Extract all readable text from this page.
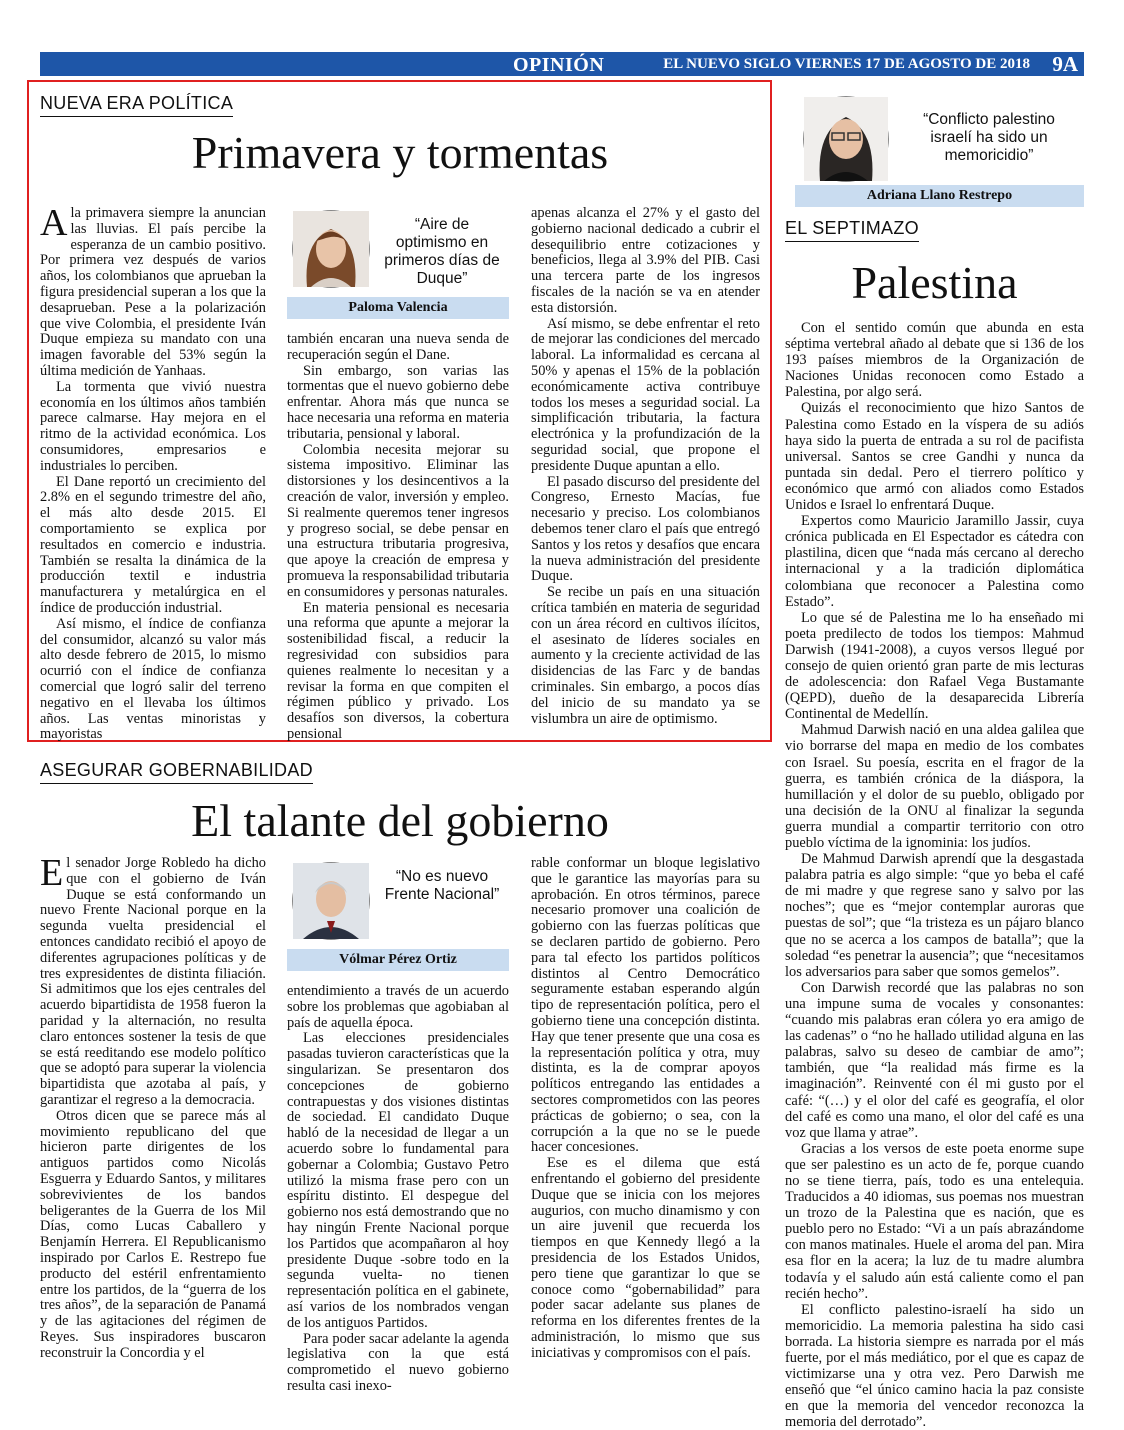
OPINIÓN	EL NUEVO SIGLO VIERNES 17 DE AGOSTO DE 2018 9A
NUEVA ERA POLÍTICA
Primavera y tormentas

Ala primavera siempre la anuncian las lluvias. El país percibe la esperanza de un cambio positivo. Por primera vez después de varios años, los colombianos que aprueban la figura presidencial superan a los que la desaprueban. Pese a la polarización que vive Colombia, el presidente Iván Duque empieza su mandato con una imagen favorable del 53% según la última medición de Yanhaas.

La tormenta que vivió nuestra economía en los últimos años también parece calmarse. Hay mejora en el ritmo de la actividad económica. Los consumidores, empresarios e industriales lo perciben.

El Dane reportó un crecimiento del 2.8% en el segundo trimestre del año, el más alto desde 2015. El comportamiento se explica por resultados en comercio e industria. También se resalta la dinámica de la producción textil e industria manufacturera y metalúrgica en el índice de producción industrial.

Así mismo, el índice de confianza del consumidor, alcanzó su valor más alto desde febrero de 2015, lo mismo ocurrió con el índice de confianza comercial que logró salir del terreno negativo en el llevaba los últimos años. Las ventas minoristas y mayoristas

“Aire de optimismo en primeros días de Duque”
Paloma Valencia

también encaran una nueva senda de recuperación según el Dane.

Sin embargo, son varias las tormentas que el nuevo gobierno debe enfrentar. Ahora más que nunca se hace necesaria una reforma en materia tributaria, pensional y laboral.

Colombia necesita mejorar su sistema impositivo. Eliminar las distorsiones y los desincentivos a la creación de valor, inversión y empleo. Si realmente queremos tener ingresos y progreso social, se debe pensar en una estructura tributaria progresiva, que apoye la creación de empresa y promueva la responsabilidad tributaria en consumidores y personas naturales.

En materia pensional es necesaria una reforma que apunte a mejorar la sostenibilidad fiscal, a reducir la regresividad con subsidios para quienes realmente lo necesitan y a revisar la forma en que compiten el régimen público y privado. Los desafíos son diversos, la cobertura pensional

apenas alcanza el 27% y el gasto del gobierno nacional dedicado a cubrir el desequilibrio entre cotizaciones y beneficios, llega al 3.9% del PIB. Casi una tercera parte de los ingresos fiscales de la nación se va en atender esta distorsión.

Así mismo, se debe enfrentar el reto de mejorar las condiciones del mercado laboral. La informalidad es cercana al 50% y apenas el 15% de la población económicamente activa contribuye todos los meses a seguridad social. La simplificación tributaria, la factura electrónica y la profundización de la seguridad social, que propone el presidente Duque apuntan a ello.

El pasado discurso del presidente del Congreso, Ernesto Macías, fue necesario y preciso. Los colombianos debemos tener claro el país que entregó Santos y los retos y desafíos que encara la nueva administración del presidente Duque.

Se recibe un país en una situación crítica también en materia de seguridad con un área récord en cultivos ilícitos, el asesinato de líderes sociales en aumento y la creciente actividad de las disidencias de las Farc y de bandas criminales. Sin embargo, a pocos días del inicio de su mandato ya se vislumbra un aire de optimismo.

ASEGURAR GOBERNABILIDAD
El talante del gobierno

El senador Jorge Robledo ha dicho que con el gobierno de Iván Duque se está conformando un nuevo Frente Nacional porque en la segunda vuelta presidencial el entonces candidato recibió el apoyo de diferentes agrupaciones políticas y de tres expresidentes de distinta filiación. Si admitimos que los ejes centrales del acuerdo bipartidista de 1958 fueron la paridad y la alternación, no resulta claro entonces sostener la tesis de que se está reeditando ese modelo político que se adoptó para superar la violencia bipartidista que azotaba al país, y garantizar el regreso a la democracia.

Otros dicen que se parece más al movimiento republicano del que hicieron parte dirigentes de los antiguos partidos como Nicolás Esguerra y Eduardo Santos, y militares sobrevivientes de los bandos beligerantes de la Guerra de los Mil Días, como Lucas Caballero y Benjamín Herrera. El Republicanismo inspirado por Carlos E. Restrepo fue producto del estéril enfrentamiento entre los partidos, de la “guerra de los tres años”, de la separación de Panamá y de las agitaciones del régimen de Reyes. Sus inspiradores buscaron reconstruir la Concordia y el

“No es nuevo Frente Nacional”
Vólmar Pérez Ortiz

entendimiento a través de un acuerdo sobre los problemas que agobiaban al país de aquella época.

Las elecciones presidenciales pasadas tuvieron características que la singularizan. Se presentaron dos concepciones de gobierno contrapuestas y dos visiones distintas de sociedad. El candidato Duque habló de la necesidad de llegar a un acuerdo sobre lo fundamental para gobernar a Colombia; Gustavo Petro utilizó la misma frase pero con un espíritu distinto. El despegue del gobierno nos está demostrando que no hay ningún Frente Nacional porque los Partidos que acompañaron al hoy presidente Duque -sobre todo en la segunda vuelta- no tienen representación política en el gabinete, así varios de los nombrados vengan de los antiguos Partidos.

Para poder sacar adelante la agenda legislativa con la que está comprometido el nuevo gobierno resulta casi inexo-

rable conformar un bloque legislativo que le garantice las mayorías para su aprobación. En otros términos, parece necesario promover una coalición de gobierno con las fuerzas políticas que se declaren partido de gobierno. Pero para tal efecto los partidos políticos distintos al Centro Democrático seguramente estaban esperando algún tipo de representación política, pero el gobierno tiene una concepción distinta. Hay que tener presente que una cosa es la representación política y otra, muy distinta, es la de comprar apoyos políticos entregando las entidades a sectores comprometidos con las peores prácticas de gobierno; o sea, con la corrupción a la que no se le puede hacer concesiones.

Ese es el dilema que está enfrentando el gobierno del presidente Duque que se inicia con los mejores augurios, con mucho dinamismo y con un aire juvenil que recuerda los tiempos en que Kennedy llegó a la presidencia de los Estados Unidos, pero tiene que garantizar lo que se conoce como “gobernabilidad” para poder sacar adelante sus planes de reforma en los diferentes frentes de la administración, lo mismo que sus iniciativas y compromisos con el país.

“Conflicto palestino israelí ha sido un memoricidio”
Adriana Llano Restrepo
EL SEPTIMAZO
Palestina

Con el sentido común que abunda en esta séptima vertebral añado al debate que si 136 de los 193 países miembros de la Organización de Naciones Unidas reconocen como Estado a Palestina, por algo será.

Quizás el reconocimiento que hizo Santos de Palestina como Estado en la víspera de su adiós haya sido la puerta de entrada a su rol de pacifista universal. Santos se cree Gandhi y nunca da puntada sin dedal. Pero el tierrero político y económico que armó con aliados como Estados Unidos e Israel lo enfrentará Duque.

Expertos como Mauricio Jaramillo Jassir, cuya crónica publicada en El Espectador es cátedra con plastilina, dicen que “nada más cercano al derecho internacional y a la tradición diplomática colombiana que reconocer a Palestina como Estado”.

Lo que sé de Palestina me lo ha enseñado mi poeta predilecto de todos los tiempos: Mahmud Darwish (1941-2008), a cuyos versos llegué por consejo de quien orientó gran parte de mis lecturas de adolescencia: don Rafael Vega Bustamante (QEPD), dueño de la desaparecida Librería Continental de Medellín.

Mahmud Darwish nació en una aldea galilea que vio borrarse del mapa en medio de los combates con Israel. Su poesía, escrita en el fragor de la guerra, es también crónica de la diáspora, la humillación y el dolor de su pueblo, obligado por una decisión de la ONU al finalizar la segunda guerra mundial a compartir territorio con otro pueblo víctima de la ignominia: los judíos.

De Mahmud Darwish aprendí que la desgastada palabra patria es algo simple: “que yo beba el café de mi madre y que regrese sano y salvo por las noches”; que es “mejor contemplar auroras que puestas de sol”; que “la tristeza es un pájaro blanco que no se acerca a los campos de batalla”; que la soledad “es penetrar la ausencia”; que “necesitamos los adversarios para saber que somos gemelos”.

Con Darwish recordé que las palabras no son una impune suma de vocales y consonantes: “cuando mis palabras eran cólera yo era amigo de las cadenas” o “no he hallado utilidad alguna en las palabras, salvo su deseo de cambiar de amo”; también, que “la realidad más firme es la imaginación”. Reinventé con él mi gusto por el café: “(…) y el olor del café es geografía, el olor del café es como una mano, el olor del café es una voz que llama y atrae”.

Gracias a los versos de este poeta enorme supe que ser palestino es un acto de fe, porque cuando no se tiene tierra, país, todo es una entelequia. Traducidos a 40 idiomas, sus poemas nos muestran un trozo de la Palestina que es nación, que es pueblo pero no Estado: “Vi a un país abrazándome con manos matinales. Huele el aroma del pan. Mira esa flor en la acera; la luz de tu madre alumbra todavía y el saludo aún está caliente como el pan recién hecho”.

El conflicto palestino-israelí ha sido un memoricidio. La memoria palestina ha sido casi borrada. La historia siempre es narrada por el más fuerte, por el más mediático, por el que es capaz de victimizarse una y otra vez. Pero Darwish me enseñó que “el único camino hacia la paz consiste en que la memoria del vencedor reconozca la memoria del derrotado”.
